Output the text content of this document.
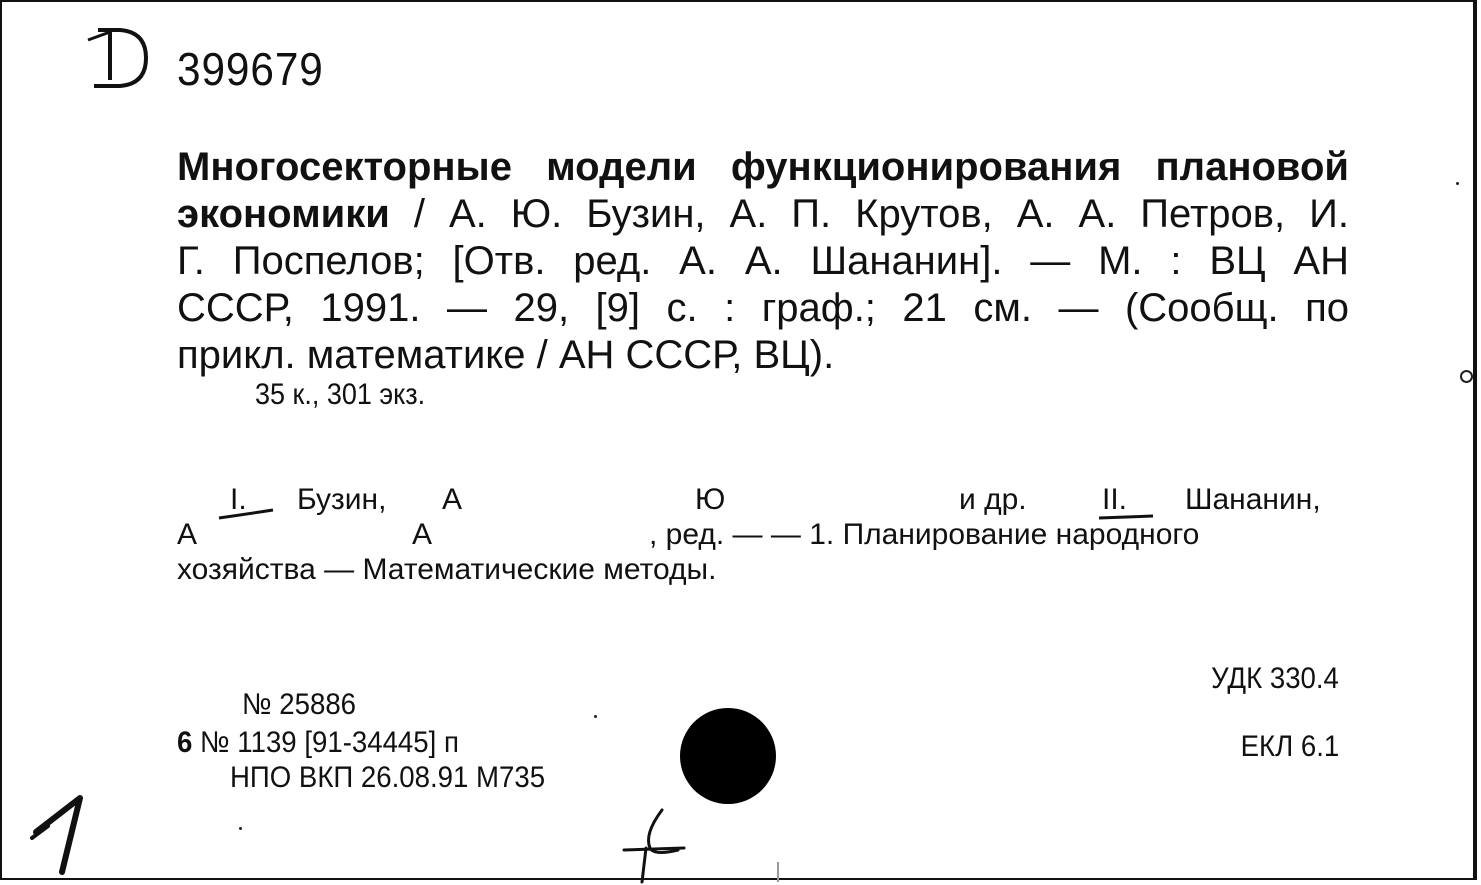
399679
Многосекторные модели функционирования плановой
экономики / А. Ю. Бузин, А. П. Крутов, А. А. Петров, И.
Г. Поспелов; [Отв. ред. А. А. Шананин]. — М. : ВЦ АН
СССР, 1991. — 29, [9] с. : граф.; 21 см. — (Сообщ. по
прикл. математике / АН СССР, ВЦ).
35 к., 301 экз.
I. Бузин, А	Ю	и др.	II. Шананин,
А	А	, ред. — — 1. Планирование народного
хозяйства — Математические методы.
УДК 330.4
ЕКЛ 6.1
№ 25886
6 № 1139 [91-34445] п
НПО ВКП 26.08.91 М735
